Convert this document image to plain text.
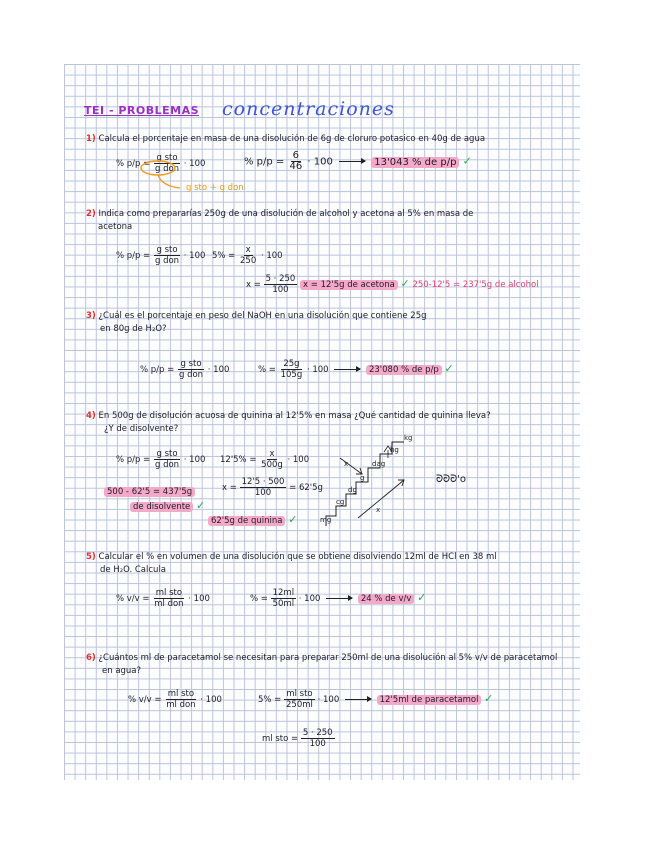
TEI - PROBLEMAS concentraciones
1) Calcula el porcentaje en masa de una disolución de 6g de cloruro potasico en 40g de agua
% $p/p = \frac{\text{g sto}}{\text{g don}} \cdot 100$
g sto + g don
% $p/p = \frac{6}{46} \cdot 100$	13'043 % de p/p ✓
2) Indica como prepararías 250g de una disolución de alcohol y acetona al 5% en masa de
acetona
% $p/p = \frac{\text{g sto}}{\text{g don}} \cdot 100$ $5\% = \frac{x}{250} \cdot 100$
$x = \frac{5 \cdot 250}{100}$ x = 12'5g de acetona ✓ 250-12'5 = 237'5g de alcohol
3) ¿Cuál es el porcentaje en peso del NaOH en una disolución que contiene 25g
en 80g de H₂O?
% $p/p = \frac{\text{g sto}}{\text{g don}} \cdot 100$	% = $\frac{25g}{105g} \cdot 100$	23'080 % de p/p ✓
4) En 500g de disolución acuosa de quinina al 12'5% en masa ¿Qué cantidad de quinina lleva?
¿Y de disolvente?
% $p/p = \frac{\text{g sto}}{\text{g don}} \cdot 100$ $12'5\% = \frac{x}{500g} \cdot 100$
$x = \frac{12'5 \cdot 500}{100} = 62'5g$
500 - 62'5 = 437'5g
de disolvente ✓
62'5g de quinina ✓
ᘐᘐᘐ'o
kg
hg
dag
g
dg
cg
mg
x
x
5) Calcular el % en volumen de una disolución que se obtiene disolviendo 12ml de HCl en 38 ml
de H₂O. Calcula
% $v/v = \frac{\text{ml sto}}{\text{ml don}} \cdot 100$	% = $\frac{12ml}{50ml} \cdot 100$	24 % de v/v ✓
6) ¿Cuántos ml de paracetamol se necesitan para preparar 250ml de una disolución al 5% v/v de paracetamol
en agua?
% $v/v = \frac{\text{ml sto}}{\text{ml don}} \cdot 100$	$5\% = \frac{\text{ml sto}}{250ml} \cdot 100$	12'5ml de paracetamol ✓
ml sto = $\frac{5 \cdot 250}{100}$
